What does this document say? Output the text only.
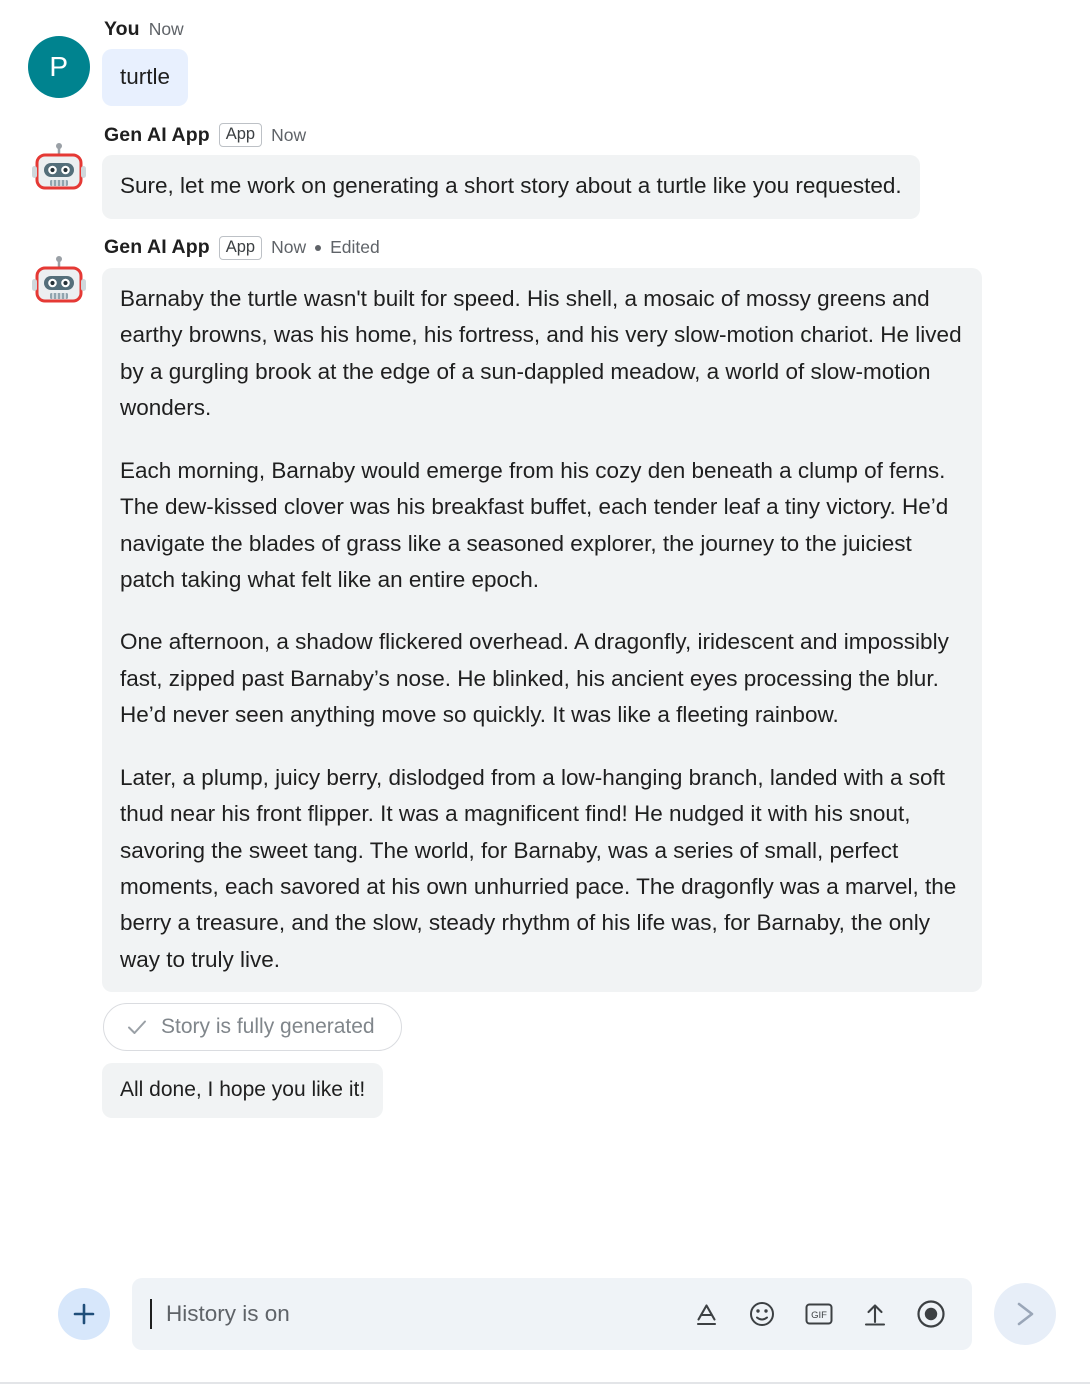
P
You Now
turtle
Gen AI App App Now
Sure, let me work on generating a short story about a turtle like you requested.
Gen AI App App Now Edited

Barnaby the turtle wasn't built for speed. His shell, a mosaic of mossy greens and earthy browns, was his home, his fortress, and his very slow-motion chariot. He lived by a gurgling brook at the edge of a sun-dappled meadow, a world of slow-motion wonders.

Each morning, Barnaby would emerge from his cozy den beneath a clump of ferns. The dew-kissed clover was his breakfast buffet, each tender leaf a tiny victory. He’d navigate the blades of grass like a seasoned explorer, the journey to the juiciest patch taking what felt like an entire epoch.

One afternoon, a shadow flickered overhead. A dragonfly, iridescent and impossibly fast, zipped past Barnaby’s nose. He blinked, his ancient eyes processing the blur. He’d never seen anything move so quickly. It was like a fleeting rainbow.

Later, a plump, juicy berry, dislodged from a low-hanging branch, landed with a soft thud near his front flipper. It was a magnificent find! He nudged it with his snout, savoring the sweet tang. The world, for Barnaby, was a series of small, perfect moments, each savored at his own unhurried pace. The dragonfly was a marvel, the berry a treasure, and the slow, steady rhythm of his life was, for Barnaby, the only way to truly live.

Story is fully generated
All done, I hope you like it!
History is on
GIF
